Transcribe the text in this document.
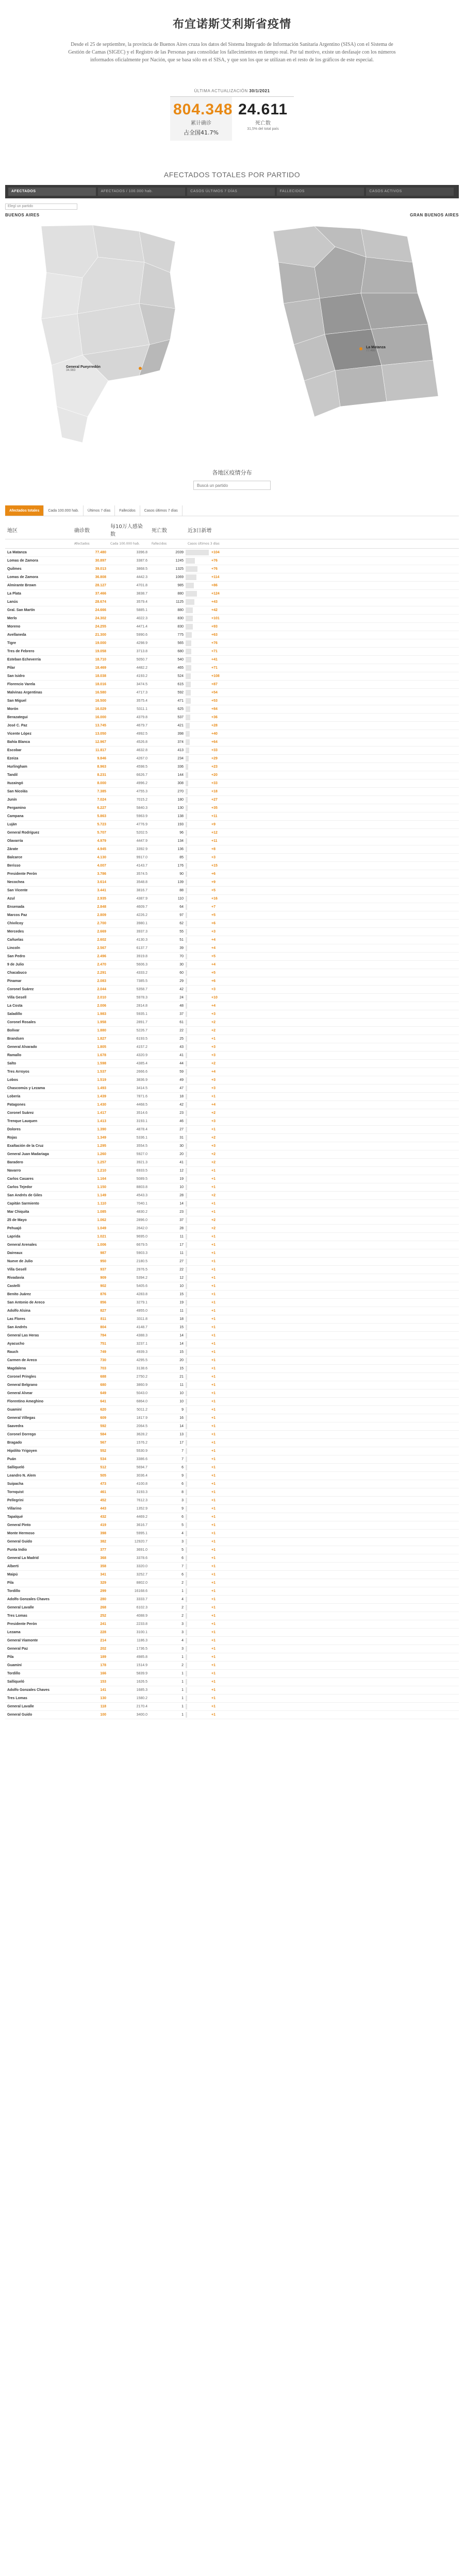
布宜诺斯艾利斯省疫情

Desde el 25 de septiembre, la provincia de Buenos Aires cruza los datos del Sistema Integrado de Información Sanitaria Argentino (SISA) con el Sistema de Gestión de Camas (SIGEC) y el Registro de las Personas para consolidar los fallecimientos en tiempo real. Por tal motivo, existe un desfasaje con los números informados oficialmente por Nación, que se basa sólo en el SISA, y que son los que se utilizan en el resto de los gráficos de este especial.

ÚLTIMA ACTUALIZACIÓN 30/1/2021
804.348
累计确诊
占全国41.7%
24.611
死亡数
31,5% del total país
AFECTADOS TOTALES POR PARTIDO
AFECTADOS	AFECTADOS / 100.000 hab.	CASOS ÚLTIMOS 7 DÍAS	FALLECIDOS	CASOS ACTIVOS
Elegí un partido
BUENOS AIRES	GRAN BUENOS AIRES
General Pueyrredón
34.983
La Matanza
77.480
各地区疫情分布
Buscá un partido
Afectados totales	Cada 100.000 hab.	Últimos 7 días	Fallecidos	Casos últimos 7 días
地区	确诊数	每10万人感染数	死亡数	近3日新增
	Afectados	Cada 100.000 hab.	Fallecidos	Casos últimos 3 días
La Matanza	77.480	3396.8	2039	+104

Lomas de Zamora	30.897	3387.6	1245	+76

Quilmes	39.013	3868.5	1325	+76

Lomas de Zamora	36.808	4442.3	1069	+114

Almirante Brown	28.127	4701.8	985	+86

La Plata	37.466	3838.7	880	+124

Lanús	28.674	3579.4	1125	+43

Gral. San Martín	24.666	5885.1	880	+42

Merlo	24.302	4022.3	830	+101

Moreno	24.255	4471.4	830	+93

Avellaneda	21.300	5990.6	775	+63

Tigre	19.000	4298.9	565	+76

Tres de Febrero	19.058	3713.8	680	+71

Esteban Echeverría	18.710	5050.7	540	+41

Pilar	18.469	4482.2	465	+71

San Isidro	18.038	4193.2	524	+108

Florencio Varela	18.016	3474.5	615	+87

Malvinas Argentinas	16.580	4717.3	592	+54

San Miguel	16.500	3575.4	471	+53

Morón	16.029	5311.1	625	+84

Berazategui	16.000	4379.8	537	+36

José C. Paz	13.745	4679.7	421	+28

Vicente López	13.050	4992.5	398	+40

Bahía Blanca	12.967	4526.8	374	+64

Escobar	11.817	4632.8	413	+33

Ezeiza	9.846	4267.0	234	+29

Hurlingham	8.963	4598.5	336	+23

Tandil	8.231	6626.7	144	+20

Ituzaingó	8.000	4996.2	308	+33

San Nicolás	7.385	4755.3	270	+18

Junín	7.024	7015.2	180	+27

Pergamino	6.227	5840.3	130	+35

Campana	5.863	5963.9	138	+11

Luján	5.723	4776.9	193	+9

General Rodríguez	5.707	5202.5	96	+12

Olavarría	4.979	4447.9	134	+11

Zárate	4.945	3392.9	136	+8

Balcarce	4.130	9917.0	85	+3

Berisso	4.007	4143.7	176	+15

Presidente Perón	3.786	3574.5	90	+6

Necochea	3.614	3548.8	139	+9

San Vicente	3.441	3816.7	88	+5

Azul	2.935	4387.9	110	+16

Ensenada	2.848	4609.7	64	+7

Marcos Paz	2.809	4226.2	97	+5

Chivilcoy	2.700	3980.1	62	+6

Mercedes	2.669	3937.3	55	+3

Cañuelas	2.602	4130.3	51	+4

Lincoln	2.567	6137.7	39	+4

San Pedro	2.496	3919.8	70	+5

9 de Julio	2.470	5606.3	30	+4

Chacabuco	2.291	4333.2	60	+5

Pinamar	2.083	7385.5	29	+6

Coronel Suárez	2.044	5358.7	42	+3

Villa Gesell	2.010	5978.3	24	+10

La Costa	2.006	2814.8	48	+4

Saladillo	1.983	5935.1	37	+3

Coronel Rosales	1.958	2891.7	61	+2

Bolívar	1.880	5226.7	22	+2

Brandsen	1.827	6193.5	25	+1

General Alvarado	1.805	4157.2	43	+3

Ramallo	1.678	4320.9	41	+3

Salto	1.598	4385.4	44	+2

Tres Arroyos	1.537	2666.6	59	+4

Lobos	1.519	3836.9	49	+3

Chascomús y Lezama	1.493	3414.5	47	+3

Lobería	1.439	7871.6	18	+1

Patagones	1.430	4468.5	42	+4

Coronel Suárez	1.417	3514.6	23	+2

Trenque Lauquen	1.413	3193.1	46	+3

Dolores	1.390	4878.4	27	+1

Rojas	1.349	5336.1	31	+2

Exaltación de la Cruz	1.295	3554.5	30	+3

General Juan Madariaga	1.260	5927.0	20	+2

Baradero	1.257	3921.3	41	+2

Navarro	1.210	6933.5	12	+1

Carlos Casares	1.164	5089.5	19	+1

Carlos Tejedor	1.150	8803.8	10	+1

San Andrés de Giles	1.149	4543.3	28	+2

Capitán Sarmiento	1.110	7040.1	14	+1

Mar Chiquita	1.085	4830.2	23	+1

25 de Mayo	1.062	2896.0	37	+2

Pehuajó	1.049	2642.0	28	+2

Laprida	1.021	9695.0	11	+1

General Arenales	1.006	6679.5	17	+1

Daireaux	987	5903.3	11	+1

Nueve de Julio	950	2180.5	27	+1

Villa Gesell	937	2976.5	22	+1

Rivadavia	909	5394.2	12	+1

Castelli	902	5405.6	10	+1

Benito Juárez	876	4283.8	15	+1

San Antonio de Areco	856	3279.1	19	+1

Adolfo Alsina	827	4955.0	11	+1

Las Flores	811	3311.8	18	+1

San Andrés	804	4148.7	15	+1

General Las Heras	784	4388.3	14	+1

Ayacucho	751	3237.1	14	+1

Rauch	749	4939.3	15	+1

Carmen de Areco	730	4295.5	20	+1

Magdalena	703	3138.6	15	+1

Coronel Pringles	688	2750.2	21	+1

General Belgrano	680	3860.9	11	+1

General Alvear	649	5043.0	10	+1

Florentino Ameghino	641	6864.0	10	+1

Guaminí	620	5011.2	9	+1

General Villegas	609	1817.9	16	+1

Saavedra	592	2064.5	14	+1

Coronel Dorrego	584	3628.2	13	+1

Bragado	567	1576.2	17	+1

Hipólito Yrigoyen	552	5530.9	7	+1

Puán	534	3386.6	7	+1

Salliqueló	512	5694.7	6	+1

Leandro N. Alem	505	3036.4	9	+1

Suipacha	473	4100.8	6	+1

Tornquist	461	3193.3	8	+1

Pellegrini	452	7612.3	3	+1

Villarino	443	1352.9	9	+1

Tapalqué	432	4469.2	6	+1

General Pinto	419	3616.7	5	+1

Monte Hermoso	398	5995.1	4	+1

General Guido	382	12920.7	3	+1

Punta Indio	377	3691.0	5	+1

General La Madrid	368	3378.6	6	+1

Alberti	358	3320.0	7	+1

Maipú	341	3252.7	6	+1

Pila	329	8802.0	2	+1

Tordillo	299	16168.6	1	+1

Adolfo Gonzales Chaves	280	3333.7	4	+1

General Lavalle	268	6102.3	2	+1

Tres Lomas	252	4088.9	2	+1

Presidente Perón	241	2233.8	3	+1

Lezama	228	3100.1	3	+1

General Viamonte	214	1186.3	4	+1

General Paz	202	1736.5	3	+1

Pila	189	4985.8	1	+1

Guaminí	178	1514.9	2	+1

Tordillo	166	5839.9	1	+1

Salliqueló	153	1626.5	1	+1

Adolfo Gonzales Chaves	141	1685.3	1	+1

Tres Lomas	130	1580.2	1	+1

General Lavalle	118	2170.4	1	+1

General Guido	100	3400.0	1	+1
